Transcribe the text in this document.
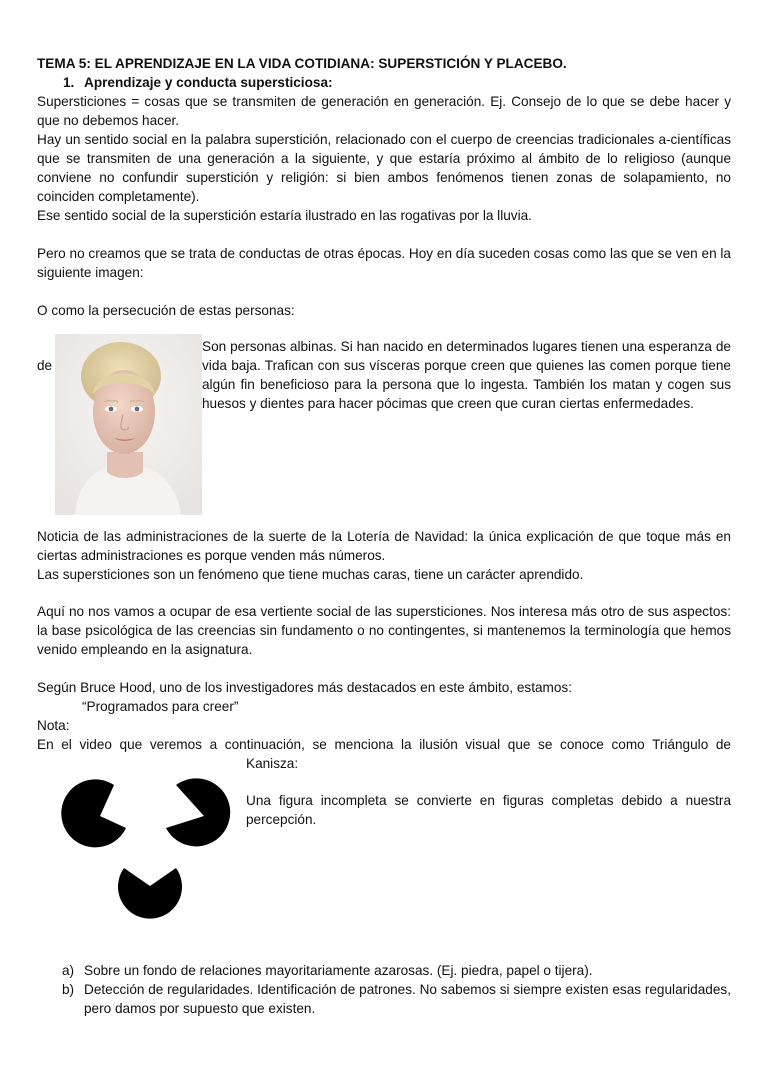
TEMA 5: EL APRENDIZAJE EN LA VIDA COTIDIANA: SUPERSTICIÓN Y PLACEBO.
1. Aprendizaje y conducta supersticiosa:

Supersticiones = cosas que se transmiten de generación en generación. Ej. Consejo de lo que se debe hacer y que no debemos hacer.

Hay un sentido social en la palabra superstición, relacionado con el cuerpo de creencias tradicionales a-científicas que se transmiten de una generación a la siguiente, y que estaría próximo al ámbito de lo religioso (aunque conviene no confundir superstición y religión: si bien ambos fenómenos tienen zonas de solapamiento, no coinciden completamente).

Ese sentido social de la superstición estaría ilustrado en las rogativas por la lluvia.

Pero no creamos que se trata de conductas de otras épocas. Hoy en día suceden cosas como las que se ven en la siguiente imagen:

O como la persecución de estas personas:
de

Son personas albinas. Si han nacido en determinados lugares tienen una esperanza de vida baja. Trafican con sus vísceras porque creen que quienes las comen porque tiene algún fin beneficioso para la persona que lo ingesta. También los matan y cogen sus huesos y dientes para hacer pócimas que creen que curan ciertas enfermedades.

Noticia de las administraciones de la suerte de la Lotería de Navidad: la única explicación de que toque más en ciertas administraciones es porque venden más números.

Las supersticiones son un fenómeno que tiene muchas caras, tiene un carácter aprendido.

Aquí no nos vamos a ocupar de esa vertiente social de las supersticiones. Nos interesa más otro de sus aspectos: la base psicológica de las creencias sin fundamento o no contingentes, si mantenemos la terminología que hemos venido empleando en la asignatura.

Según Bruce Hood, uno de los investigadores más destacados en este ámbito, estamos:
“Programados para creer”
Nota:

En el video que veremos a continuación, se menciona la ilusión visual que se conoce como Triángulo de

Kanisza:

Una figura incompleta se convierte en figuras completas debido a nuestra percepción.

a) Sobre un fondo de relaciones mayoritariamente azarosas. (Ej. piedra, papel o tijera).

b) Detección de regularidades. Identificación de patrones. No sabemos si siempre existen esas regularidades, pero damos por supuesto que existen.
